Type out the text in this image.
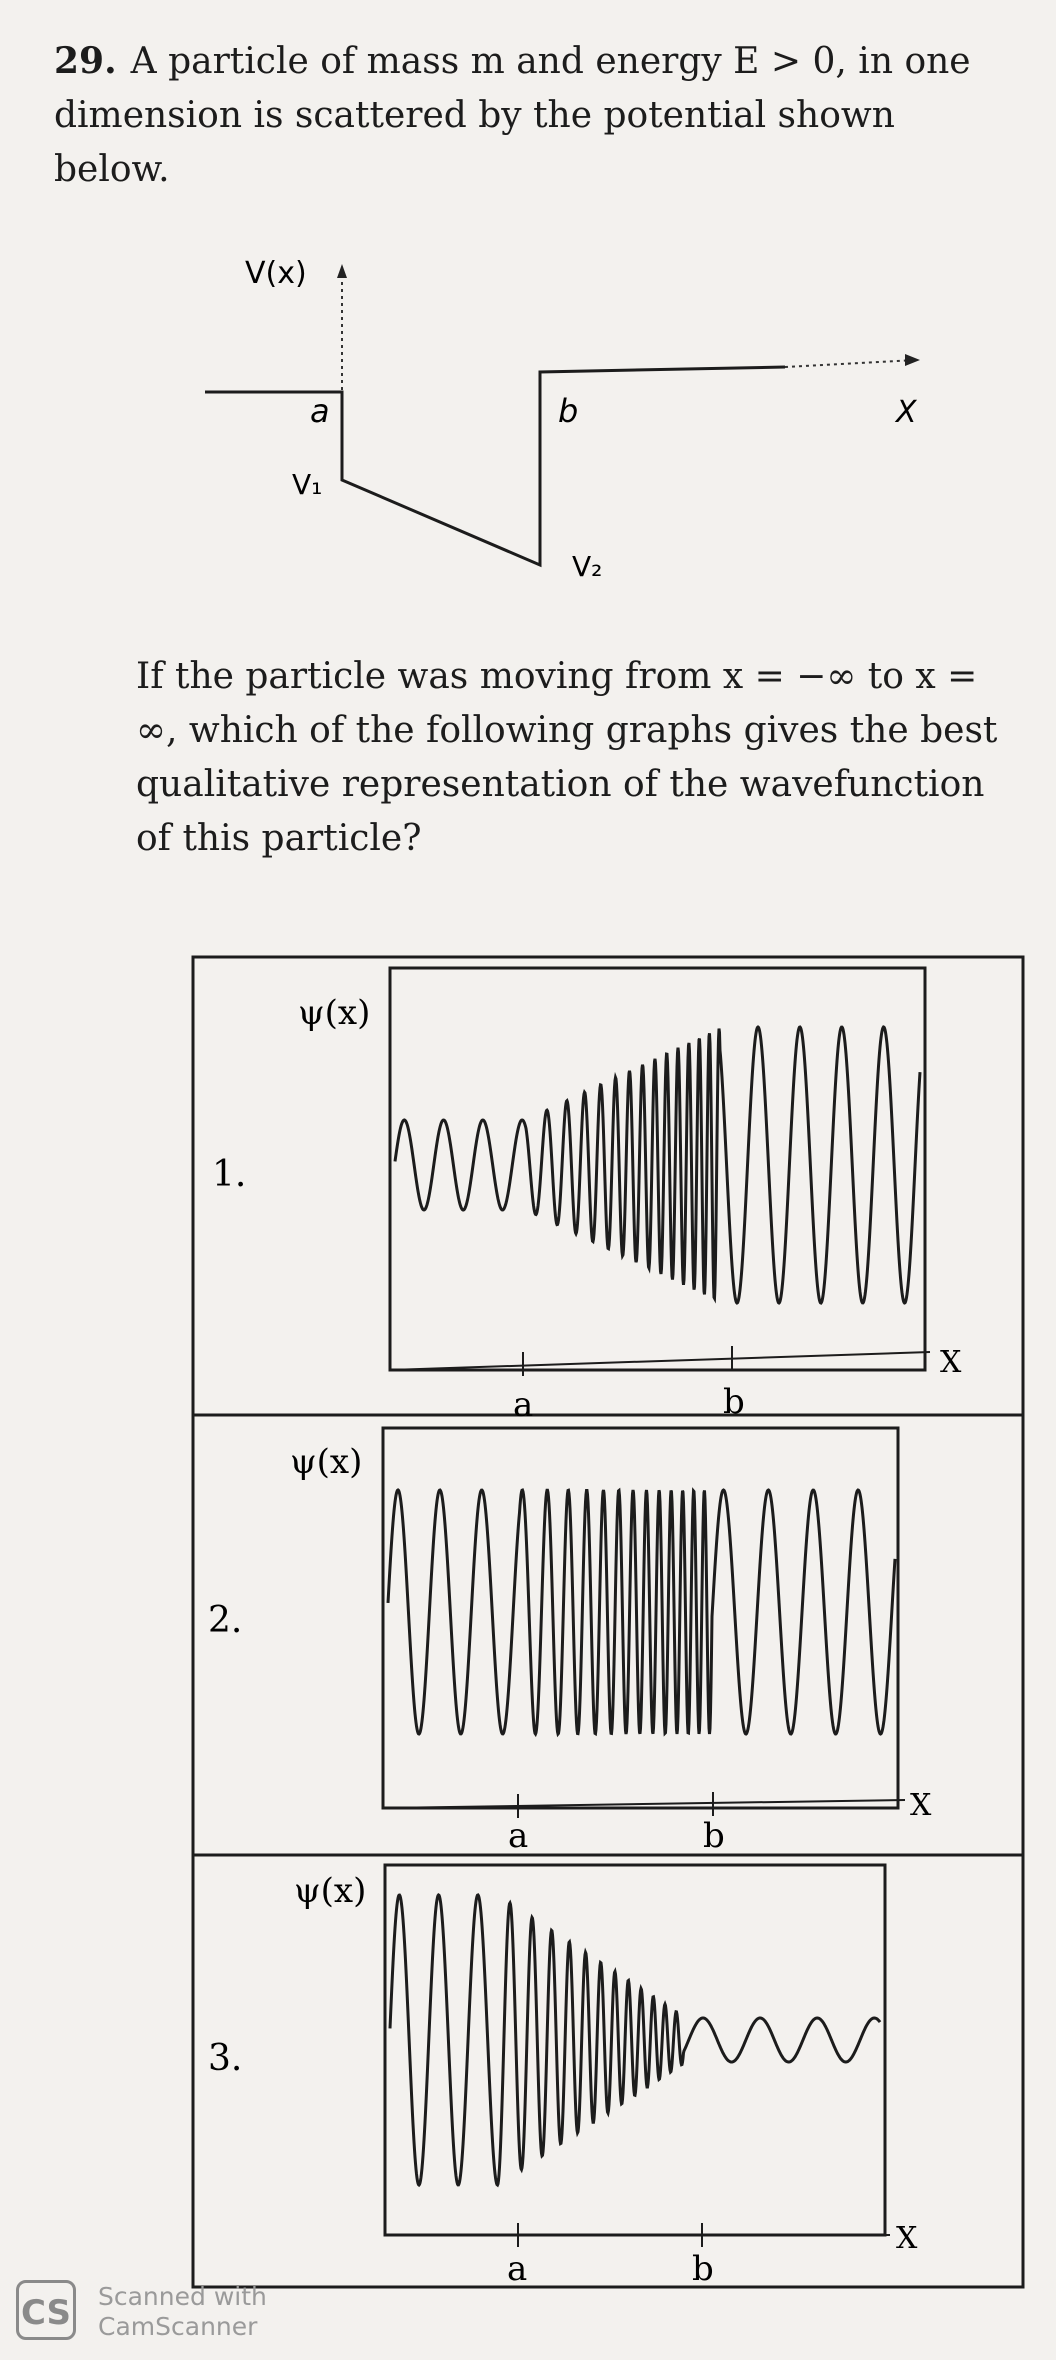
29. A particle of mass m and energy E > 0, in one dimension is scattered by the potential shown below.
V(x)
a	b	X
V₁
V₂
If the particle was moving from x = −∞ to x = ∞, which of the following graphs gives the best qualitative representation of the wavefunction of this particle?
1.
ψ(x)
a	b
X
2.
ψ(x)
a	b
X
3.
ψ(x)
a	b
X
CS Scanned with
CamScanner
